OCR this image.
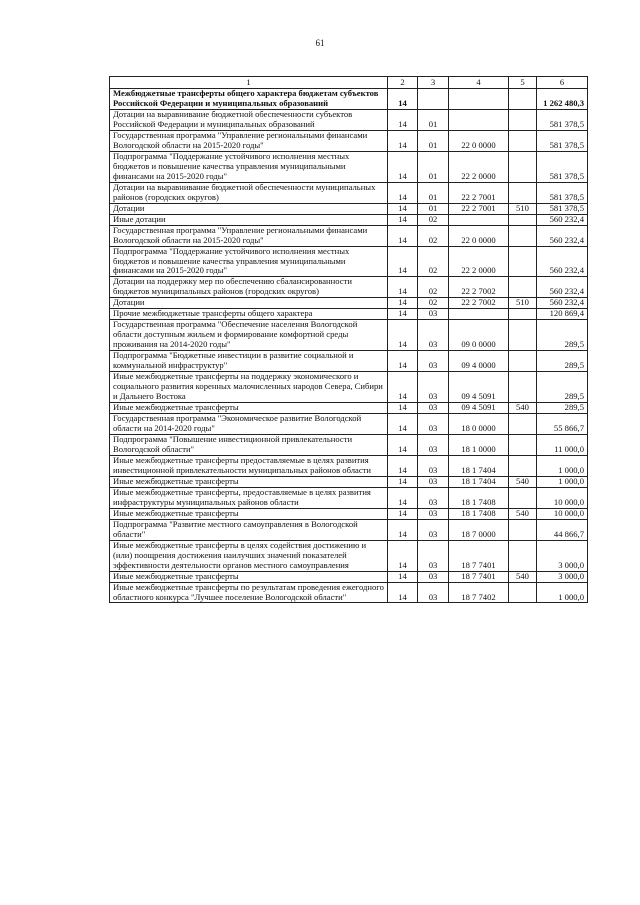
61
1	2	3	4	5	6
Межбюджетные трансферты общего характера бюджетам субъектов Российской Федерации и муниципальных образований	14				1 262 480,3
Дотации на выравнивание бюджетной обеспеченности субъектов Российской Федерации и муниципальных образований	14	01			581 378,5
Государственная программа "Управление региональными финансами Вологодской области на 2015-2020 годы"	14	01	22 0 0000		581 378,5
Подпрограмма "Поддержание устойчивого исполнения местных бюджетов и повышение качества управления муниципальными финансами на 2015-2020 годы"	14	01	22 2 0000		581 378,5
Дотации на выравнивание бюджетной обеспеченности муниципальных районов (городских округов)	14	01	22 2 7001		581 378,5
Дотации	14	01	22 2 7001	510	581 378,5
Иные дотации	14	02			560 232,4
Государственная программа "Управление региональными финансами Вологодской области на 2015-2020 годы"	14	02	22 0 0000		560 232,4
Подпрограмма "Поддержание устойчивого исполнения местных бюджетов и повышение качества управления муниципальными финансами на 2015-2020 годы"	14	02	22 2 0000		560 232,4
Дотации на поддержку мер по обеспечению сбалансированности бюджетов муниципальных районов (городских округов)	14	02	22 2 7002		560 232,4
Дотации	14	02	22 2 7002	510	560 232,4
Прочие межбюджетные трансферты общего характера	14	03			120 869,4
Государственная программа "Обеспечение населения Вологодской области доступным жильем и формирование комфортной среды проживания на 2014-2020 годы"	14	03	09 0 0000		289,5
Подпрограмма "Бюджетные инвестиции в развитие социальной и коммунальной инфраструктур"	14	03	09 4 0000		289,5
Иные межбюджетные трансферты на поддержку экономического и социального развития коренных малочисленных народов Севера, Сибири и Дальнего Востока	14	03	09 4 5091		289,5
Иные межбюджетные трансферты	14	03	09 4 5091	540	289,5
Государственная программа "Экономическое развитие Вологодской области на 2014-2020 годы"	14	03	18 0 0000		55 866,7
Подпрограмма "Повышение инвестиционной привлекательности Вологодской области"	14	03	18 1 0000		11 000,0
Иные межбюджетные трансферты предоставляемые в целях развития инвестиционной привлекательности муниципальных районов области	14	03	18 1 7404		1 000,0
Иные межбюджетные трансферты	14	03	18 1 7404	540	1 000,0
Иные межбюджетные трансферты, предоставляемые в целях развития инфраструктуры муниципальных районов области	14	03	18 1 7408		10 000,0
Иные межбюджетные трансферты	14	03	18 1 7408	540	10 000,0
Подпрограмма "Развитие местного самоуправления в Вологодской области"	14	03	18 7 0000		44 866,7
Иные межбюджетные трансферты в целях содействия достижению и (или) поощрения достижения наилучших значений показателей эффективности деятельности органов местного самоуправления	14	03	18 7 7401		3 000,0
Иные межбюджетные трансферты	14	03	18 7 7401	540	3 000,0
Иные межбюджетные трансферты по результатам проведения ежегодного областного конкурса "Лучшее поселение Вологодской области"	14	03	18 7 7402		1 000,0
